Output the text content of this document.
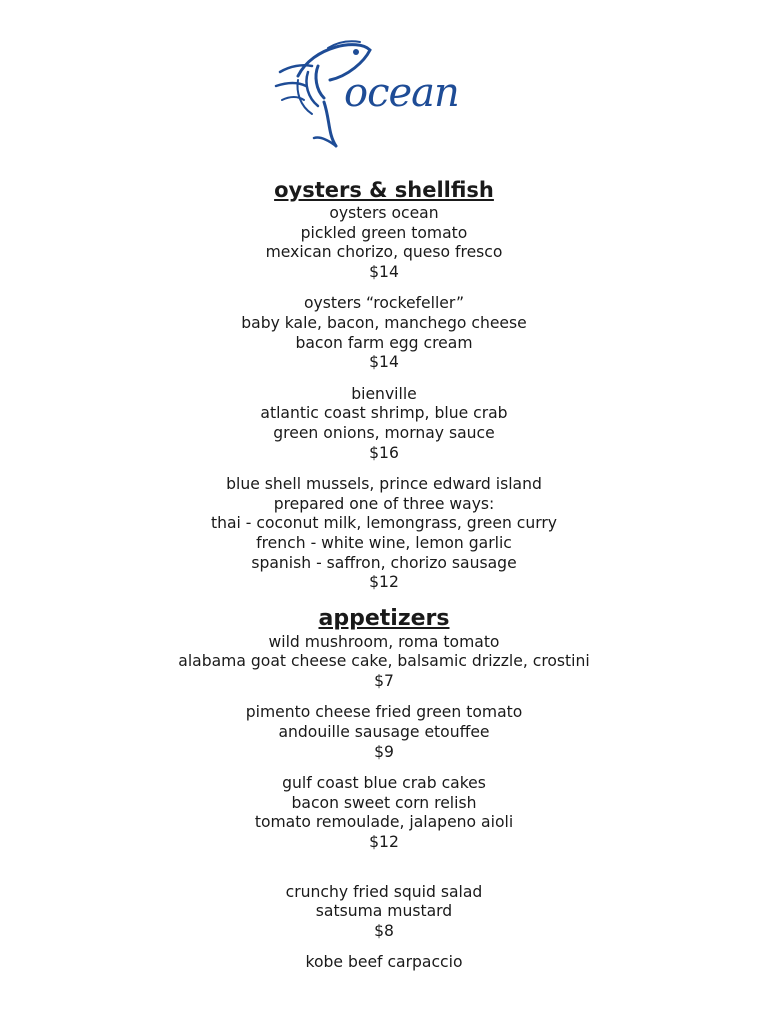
ocean
oysters & shellfish
oysters ocean
pickled green tomato
mexican chorizo, queso fresco
$14
oysters “rockefeller”
baby kale, bacon, manchego cheese
bacon farm egg cream
$14
bienville
atlantic coast shrimp, blue crab
green onions, mornay sauce
$16
blue shell mussels, prince edward island
prepared one of three ways:
thai - coconut milk, lemongrass, green curry
french - white wine, lemon garlic
spanish - saffron, chorizo sausage
$12
appetizers
wild mushroom, roma tomato
alabama goat cheese cake, balsamic drizzle, crostini
$7
pimento cheese fried green tomato
andouille sausage etouffee
$9
gulf coast blue crab cakes
bacon sweet corn relish
tomato remoulade, jalapeno aioli
$12
crunchy fried squid salad
satsuma mustard
$8
kobe beef carpaccio
